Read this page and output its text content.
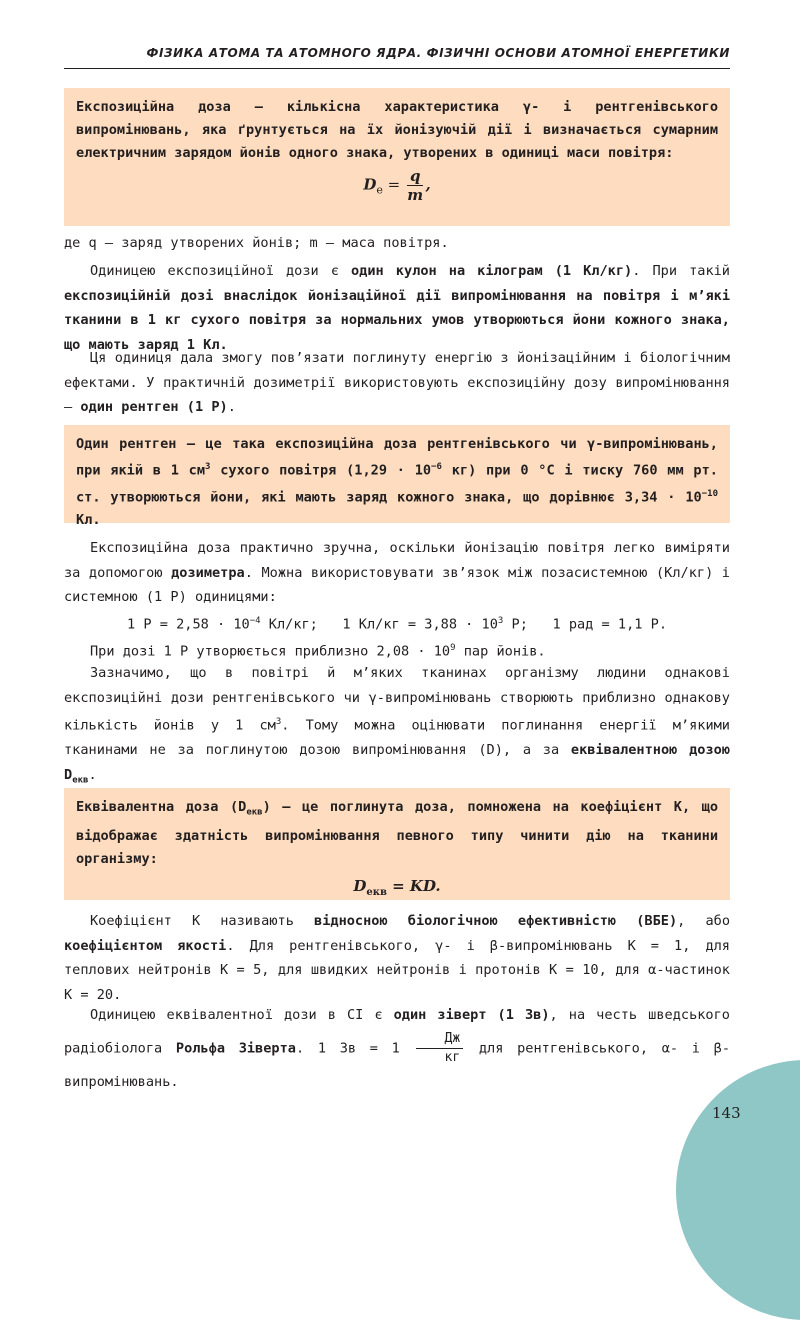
ФІЗИКА АТОМА ТА АТОМНОГО ЯДРА. ФІЗИЧНІ ОСНОВИ АТОМНОЇ ЕНЕРГЕТИКИ
Експозиційна доза – кількісна характеристика γ- і рентгенівського випромінювань, яка ґрунтується на їх йонізуючій дії і визначається сумарним електричним зарядом йонів одного знака, утворених в одиниці маси повітря:
$D_e = \frac{q}{m}$ ,
де q – заряд утворених йонів; m – маса повітря.
Одиницею експозиційної дози є один кулон на кілограм (1 Кл/кг). При такій експозиційній дозі внаслідок йонізаційної дії випромінювання на повітря і м’які тканини в 1 кг сухого повітря за нормальних умов утворюються йони кожного знака, що мають заряд 1 Кл.
Ця одиниця дала змогу пов’язати поглинуту енергію з йонізаційним і біологічним ефектами. У практичній дозиметрії використовують експозиційну дозу випромінювання – один рентген (1 Р).
Один рентген – це така експозиційна доза рентгенівського чи γ-випромінювань, при якій в 1 $см^3$ сухого повітря ($1,29 \cdot 10^{-6}$ кг) при 0 °С і тиску 760 мм рт. ст. утворюються йони, які мають заряд кожного знака, що дорівнює $3,34 \cdot 10^{-10}$ Кл.
Експозиційна доза практично зручна, оскільки йонізацію повітря легко виміряти за допомогою дозиметра. Можна використовувати зв’язок між позасистемною (Кл/кг) і системною (1 Р) одиницями:
1 $Р = 2,58 \cdot 10^{-4}$ Кл/кг;   1 $Кл/кг = 3,88 \cdot 10^3$ Р;   1 рад = 1,1 Р.
При дозі 1 Р утворюється приблизно $2,08 \cdot 10^9$ пар йонів.
Зазначимо, що в повітрі й м’яких тканинах організму людини однакові експозиційні дози рентгенівського чи γ-випромінювань створюють приблизно однакову кількість йонів у 1 $см^3$. Тому можна оцінювати поглинання енергії м’якими тканинами не за поглинутою дозою випромінювання (D), а за еквівалентною дозою $D_{екв}$.
Еквівалентна доза $(D_{екв})$ – це поглинута доза, помножена на коефіцієнт K, що відображає здатність випромінювання певного типу чинити дію на тканини організму:
$D_{екв}$ = KD.
Коефіцієнт K називають відносною біологічною ефективністю (ВБЕ), або коефіцієнтом якості. Для рентгенівського, γ- і β-випромінювань K = 1, для теплових нейтронів K = 5, для швидких нейтронів і протонів K = 10, для α-частинок K = 20.
Одиницею еквівалентної дози в СІ є один зіверт (1 Зв), на честь шведського радіобіолога Рольфа Зіверта. 1 Зв = $1 \frac{Дж}{кг}$ для рентгенівського, α- і β-випромінювань.
143
